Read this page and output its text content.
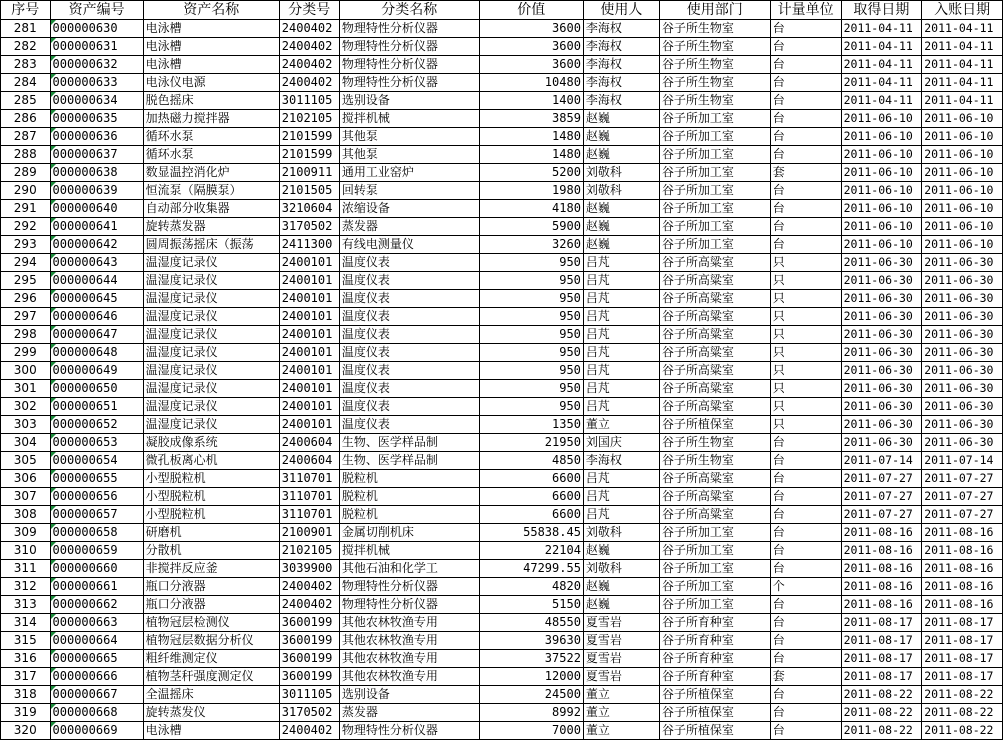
序号	资产编号	资产名称	分类号	分类名称	价值	使用人	使用部门	计量单位	取得日期	入账日期
281	000000630	电泳槽	2400402	物理特性分析仪器	3600	李海权	谷子所生物室	台	2011-04-11	2011-04-11
282	000000631	电泳槽	2400402	物理特性分析仪器	3600	李海权	谷子所生物室	台	2011-04-11	2011-04-11
283	000000632	电泳槽	2400402	物理特性分析仪器	3600	李海权	谷子所生物室	台	2011-04-11	2011-04-11
284	000000633	电泳仪电源	2400402	物理特性分析仪器	10480	李海权	谷子所生物室	台	2011-04-11	2011-04-11
285	000000634	脱色摇床	3011105	选别设备	1400	李海权	谷子所生物室	台	2011-04-11	2011-04-11
286	000000635	加热磁力搅拌器	2102105	搅拌机械	3859	赵巍	谷子所加工室	台	2011-06-10	2011-06-10
287	000000636	循环水泵	2101599	其他泵	1480	赵巍	谷子所加工室	台	2011-06-10	2011-06-10
288	000000637	循环水泵	2101599	其他泵	1480	赵巍	谷子所加工室	台	2011-06-10	2011-06-10
289	000000638	数显温控消化炉	2100911	通用工业窑炉	5200	刘敬科	谷子所加工室	套	2011-06-10	2011-06-10
290	000000639	恒流泵（隔膜泵）	2101505	回转泵	1980	刘敬科	谷子所加工室	台	2011-06-10	2011-06-10
291	000000640	自动部分收集器	3210604	浓缩设备	4180	赵巍	谷子所加工室	台	2011-06-10	2011-06-10
292	000000641	旋转蒸发器	3170502	蒸发器	5900	赵巍	谷子所加工室	台	2011-06-10	2011-06-10
293	000000642	圆周振荡摇床（振荡	2411300	有线电测量仪	3260	赵巍	谷子所加工室	台	2011-06-10	2011-06-10
294	000000643	温湿度记录仪	2400101	温度仪表	950	吕芃	谷子所高粱室	只	2011-06-30	2011-06-30
295	000000644	温湿度记录仪	2400101	温度仪表	950	吕芃	谷子所高粱室	只	2011-06-30	2011-06-30
296	000000645	温湿度记录仪	2400101	温度仪表	950	吕芃	谷子所高粱室	只	2011-06-30	2011-06-30
297	000000646	温湿度记录仪	2400101	温度仪表	950	吕芃	谷子所高粱室	只	2011-06-30	2011-06-30
298	000000647	温湿度记录仪	2400101	温度仪表	950	吕芃	谷子所高粱室	只	2011-06-30	2011-06-30
299	000000648	温湿度记录仪	2400101	温度仪表	950	吕芃	谷子所高粱室	只	2011-06-30	2011-06-30
300	000000649	温湿度记录仪	2400101	温度仪表	950	吕芃	谷子所高粱室	只	2011-06-30	2011-06-30
301	000000650	温湿度记录仪	2400101	温度仪表	950	吕芃	谷子所高粱室	只	2011-06-30	2011-06-30
302	000000651	温湿度记录仪	2400101	温度仪表	950	吕芃	谷子所高粱室	只	2011-06-30	2011-06-30
303	000000652	温湿度记录仪	2400101	温度仪表	1350	董立	谷子所植保室	只	2011-06-30	2011-06-30
304	000000653	凝胶成像系统	2400604	生物、医学样品制	21950	刘国庆	谷子所生物室	台	2011-06-30	2011-06-30
305	000000654	微孔板离心机	2400604	生物、医学样品制	4850	李海权	谷子所生物室	台	2011-07-14	2011-07-14
306	000000655	小型脱粒机	3110701	脱粒机	6600	吕芃	谷子所高粱室	台	2011-07-27	2011-07-27
307	000000656	小型脱粒机	3110701	脱粒机	6600	吕芃	谷子所高粱室	台	2011-07-27	2011-07-27
308	000000657	小型脱粒机	3110701	脱粒机	6600	吕芃	谷子所高粱室	台	2011-07-27	2011-07-27
309	000000658	研磨机	2100901	金属切削机床	55838.45	刘敬科	谷子所加工室	台	2011-08-16	2011-08-16
310	000000659	分散机	2102105	搅拌机械	22104	赵巍	谷子所加工室	台	2011-08-16	2011-08-16
311	000000660	非搅拌反应釜	3039900	其他石油和化学工	47299.55	刘敬科	谷子所加工室	台	2011-08-16	2011-08-16
312	000000661	瓶口分液器	2400402	物理特性分析仪器	4820	赵巍	谷子所加工室	个	2011-08-16	2011-08-16
313	000000662	瓶口分液器	2400402	物理特性分析仪器	5150	赵巍	谷子所加工室	台	2011-08-16	2011-08-16
314	000000663	植物冠层检测仪	3600199	其他农林牧渔专用	48550	夏雪岩	谷子所育种室	台	2011-08-17	2011-08-17
315	000000664	植物冠层数据分析仪	3600199	其他农林牧渔专用	39630	夏雪岩	谷子所育种室	台	2011-08-17	2011-08-17
316	000000665	粗纤维测定仪	3600199	其他农林牧渔专用	37522	夏雪岩	谷子所育种室	台	2011-08-17	2011-08-17
317	000000666	植物茎秆强度测定仪	3600199	其他农林牧渔专用	12000	夏雪岩	谷子所育种室	套	2011-08-17	2011-08-17
318	000000667	全温摇床	3011105	选别设备	24500	董立	谷子所植保室	台	2011-08-22	2011-08-22
319	000000668	旋转蒸发仪	3170502	蒸发器	8992	董立	谷子所植保室	台	2011-08-22	2011-08-22
320	000000669	电泳槽	2400402	物理特性分析仪器	7000	董立	谷子所植保室	台	2011-08-22	2011-08-22
